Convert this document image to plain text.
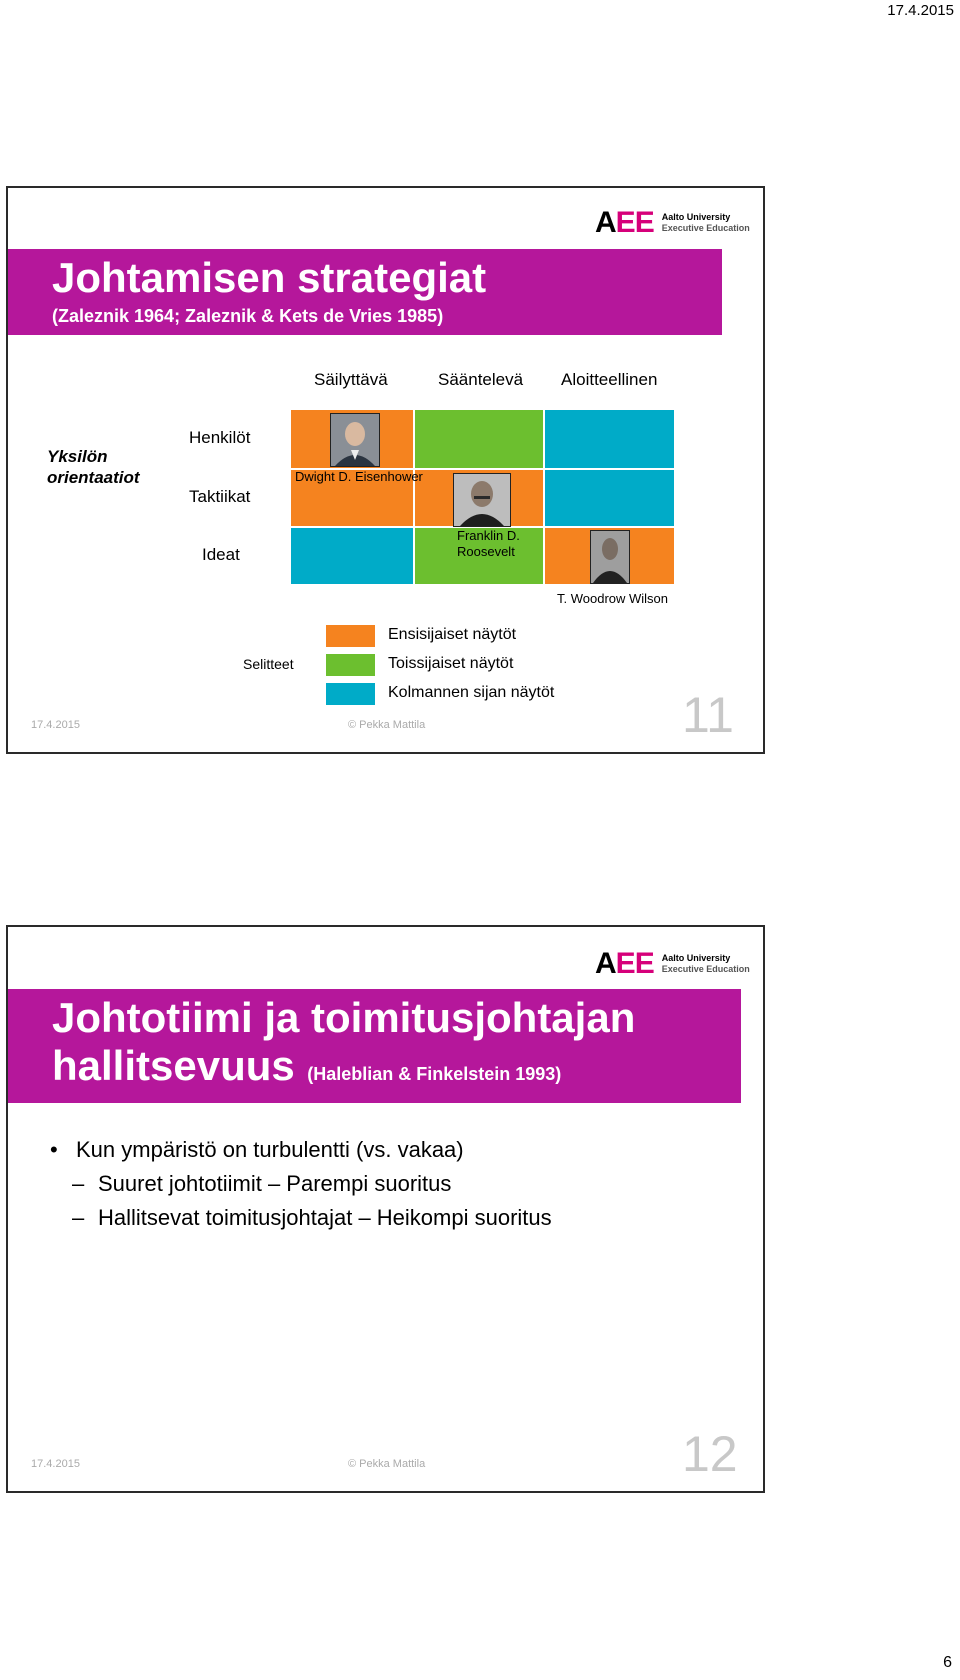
17.4.2015
AEE Aalto University
Executive Education
Johtamisen strategiat
(Zaleznik 1964; Zaleznik & Kets de Vries 1985)
Säilyttävä	Sääntelevä Aloitteellinen
Yksilön orientaatiot
Henkilöt
Taktiikat
Ideat
Dwight D. Eisenhower
Franklin D. Roosevelt
T. Woodrow Wilson
Selitteet
Ensisijaiset näytöt
Toissijaiset näytöt
Kolmannen sijan näytöt
17.4.2015	© Pekka Mattila	11
AEE Aalto University
Executive Education
Johtotiimi ja toimitusjohtajan
hallitsevuus (Haleblian & Finkelstein 1993)
• Kun ympäristö on turbulentti (vs. vakaa)
– Suuret johtotiimit – Parempi suoritus
– Hallitsevat toimitusjohtajat – Heikompi suoritus
17.4.2015	© Pekka Mattila	12
6
